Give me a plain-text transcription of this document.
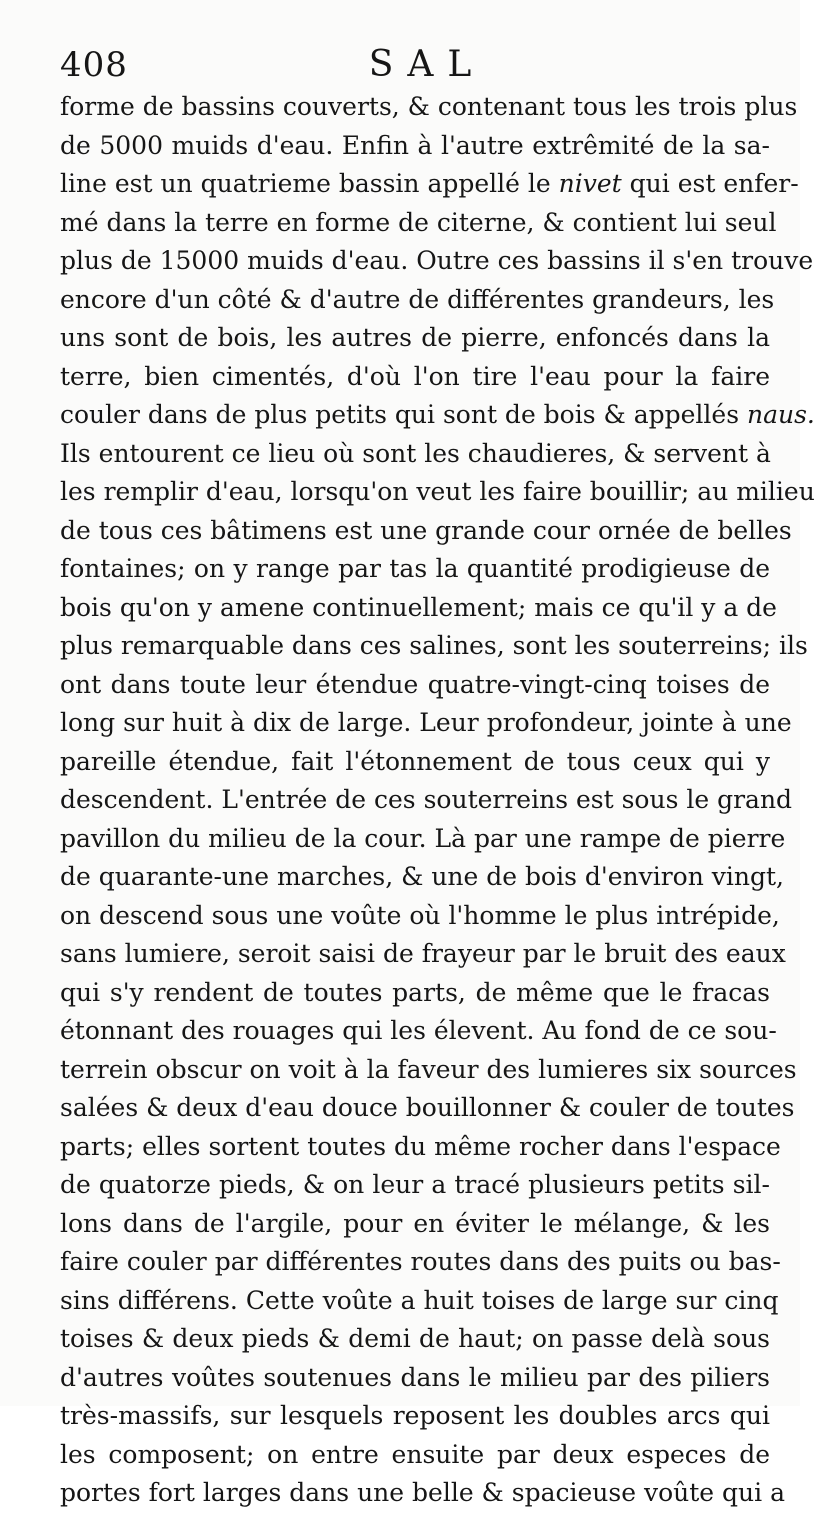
408	SAL
forme de bassins couverts, & contenant tous les trois plus
de 5000 muids d'eau. Enfin à l'autre extrêmité de la sa-
line est un quatrieme bassin appellé le nivet qui est enfer-
mé dans la terre en forme de citerne, & contient lui seul
plus de 15000 muids d'eau. Outre ces bassins il s'en trouve
encore d'un côté & d'autre de différentes grandeurs, les
uns sont de bois, les autres de pierre, enfoncés dans la
terre, bien cimentés, d'où l'on tire l'eau pour la faire
couler dans de plus petits qui sont de bois & appellés naus.
Ils entourent ce lieu où sont les chaudieres, & servent à
les remplir d'eau, lorsqu'on veut les faire bouillir; au milieu
de tous ces bâtimens est une grande cour ornée de belles
fontaines; on y range par tas la quantité prodigieuse de
bois qu'on y amene continuellement; mais ce qu'il y a de
plus remarquable dans ces salines, sont les souterreins; ils
ont dans toute leur étendue quatre-vingt-cinq toises de
long sur huit à dix de large. Leur profondeur, jointe à une
pareille étendue, fait l'étonnement de tous ceux qui y
descendent. L'entrée de ces souterreins est sous le grand
pavillon du milieu de la cour. Là par une rampe de pierre
de quarante-une marches, & une de bois d'environ vingt,
on descend sous une voûte où l'homme le plus intrépide,
sans lumiere, seroit saisi de frayeur par le bruit des eaux
qui s'y rendent de toutes parts, de même que le fracas
étonnant des rouages qui les élevent. Au fond de ce sou-
terrein obscur on voit à la faveur des lumieres six sources
salées & deux d'eau douce bouillonner & couler de toutes
parts; elles sortent toutes du même rocher dans l'espace
de quatorze pieds, & on leur a tracé plusieurs petits sil-
lons dans de l'argile, pour en éviter le mélange, & les
faire couler par différentes routes dans des puits ou bas-
sins différens. Cette voûte a huit toises de large sur cinq
toises & deux pieds & demi de haut; on passe delà sous
d'autres voûtes soutenues dans le milieu par des piliers
très-massifs, sur lesquels reposent les doubles arcs qui
les composent; on entre ensuite par deux especes de
portes fort larges dans une belle & spacieuse voûte qui a
